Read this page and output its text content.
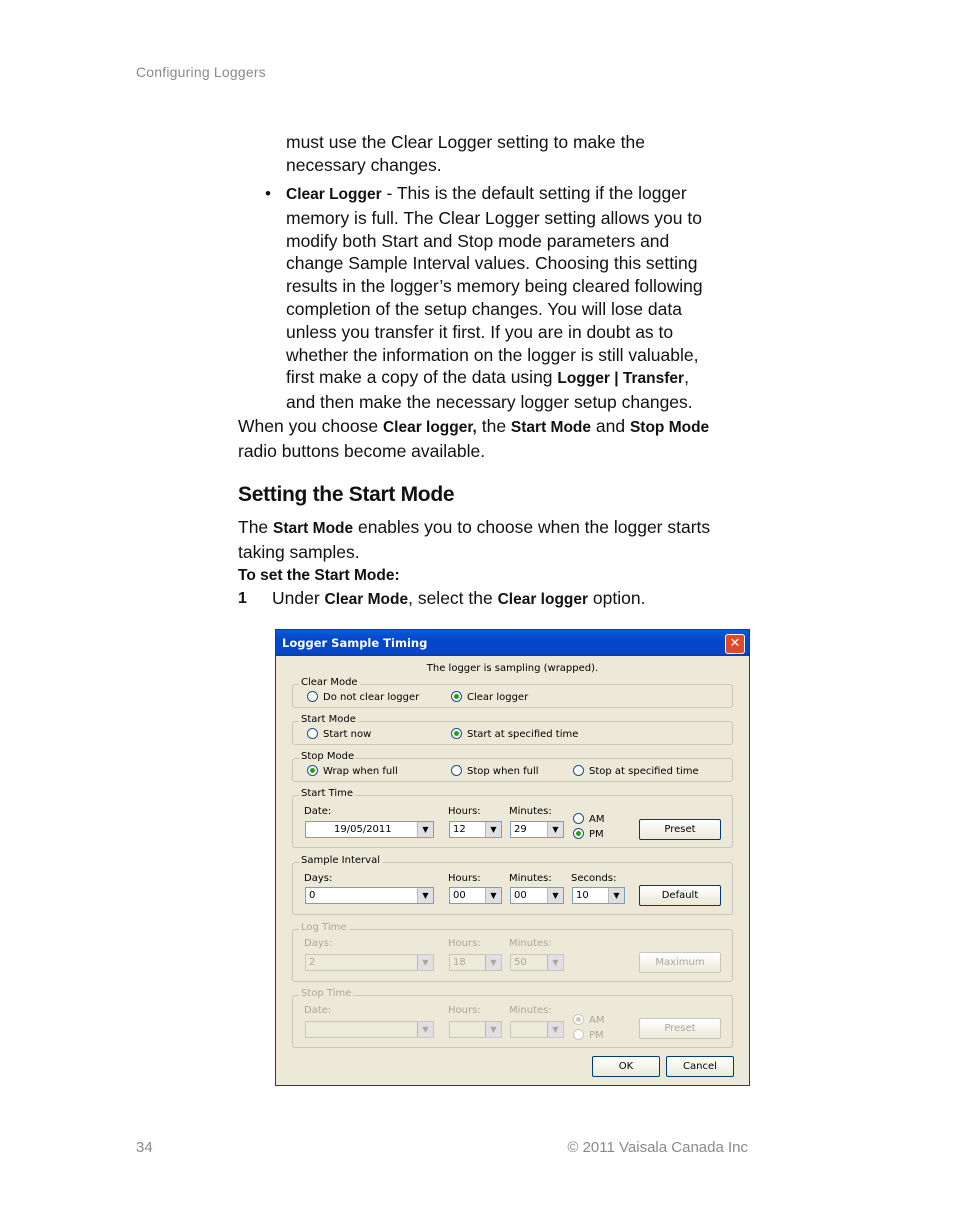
Configuring Loggers
must use the Clear Logger setting to make the
necessary changes.
• Clear Logger - This is the default setting if the logger
memory is full. The Clear Logger setting allows you to
modify both Start and Stop mode parameters and
change Sample Interval values. Choosing this setting
results in the logger’s memory being cleared following
completion of the setup changes. You will lose data
unless you transfer it first. If you are in doubt as to
whether the information on the logger is still valuable,
first make a copy of the data using Logger | Transfer,
and then make the necessary logger setup changes.
When you choose Clear logger, the Start Mode and Stop Mode
radio buttons become available.
Setting the Start Mode
The Start Mode enables you to choose when the logger starts
taking samples.
To set the Start Mode:
1 Under Clear Mode, select the Clear logger option.
Logger Sample Timing	✕
The logger is sampling (wrapped).
Clear Mode
Do not clear logger	Clear logger
Start Mode
Start now	Start at specified time
Stop Mode
Wrap when full	Stop when full	Stop at specified time
Start Time
Date:
19/05/2011	▼
Hours:
12	▼
Minutes:
29	▼
AM
PM	Preset
Sample Interval
Days:
0	▼
Hours:
00	▼
Minutes:
00	▼
Seconds:
10	▼	Default
Log Time
Days:
2	▼
Hours:
18	▼
Minutes:
50	▼	Maximum
Stop Time
Date:
▼
Hours:
▼
Minutes:
▼
AM
PM
Preset
OK	Cancel
34	© 2011 Vaisala Canada Inc
